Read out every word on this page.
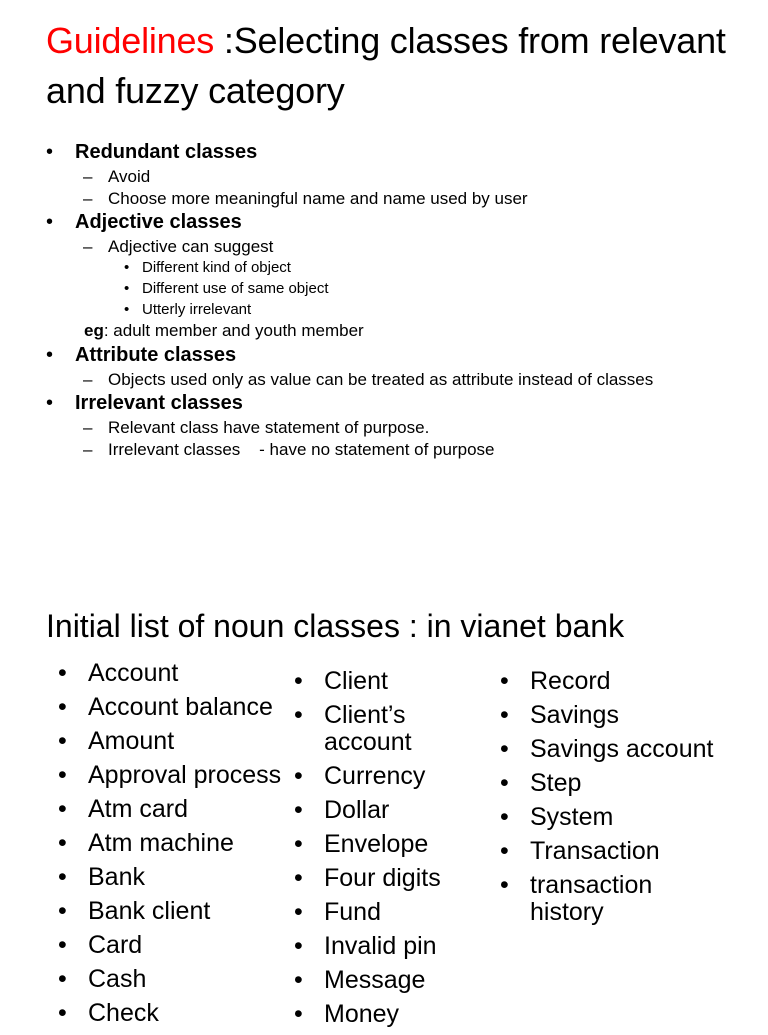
Guidelines :Selecting classes from relevant and fuzzy category
• Redundant classes
– Avoid
– Choose more meaningful name and name used by user
• Adjective classes
– Adjective can suggest
• Different kind of object
• Different use of same object
• Utterly irrelevant
eg: adult member and youth member
• Attribute classes
– Objects used only as value can be treated as attribute instead of classes
• Irrelevant classes
– Relevant class have statement of purpose.
– Irrelevant classes    - have no statement of purpose
Initial list of noun classes : in vianet bank
• Account
• Account balance
• Amount
• Approval process
• Atm card
• Atm machine
• Bank
• Bank client
• Card
• Cash
• Check
• Client
• Client’s account
• Currency
• Dollar
• Envelope
• Four digits
• Fund
• Invalid pin
• Message
• Money
• Record
• Savings
• Savings account
• Step
• System
• Transaction
• transaction history
